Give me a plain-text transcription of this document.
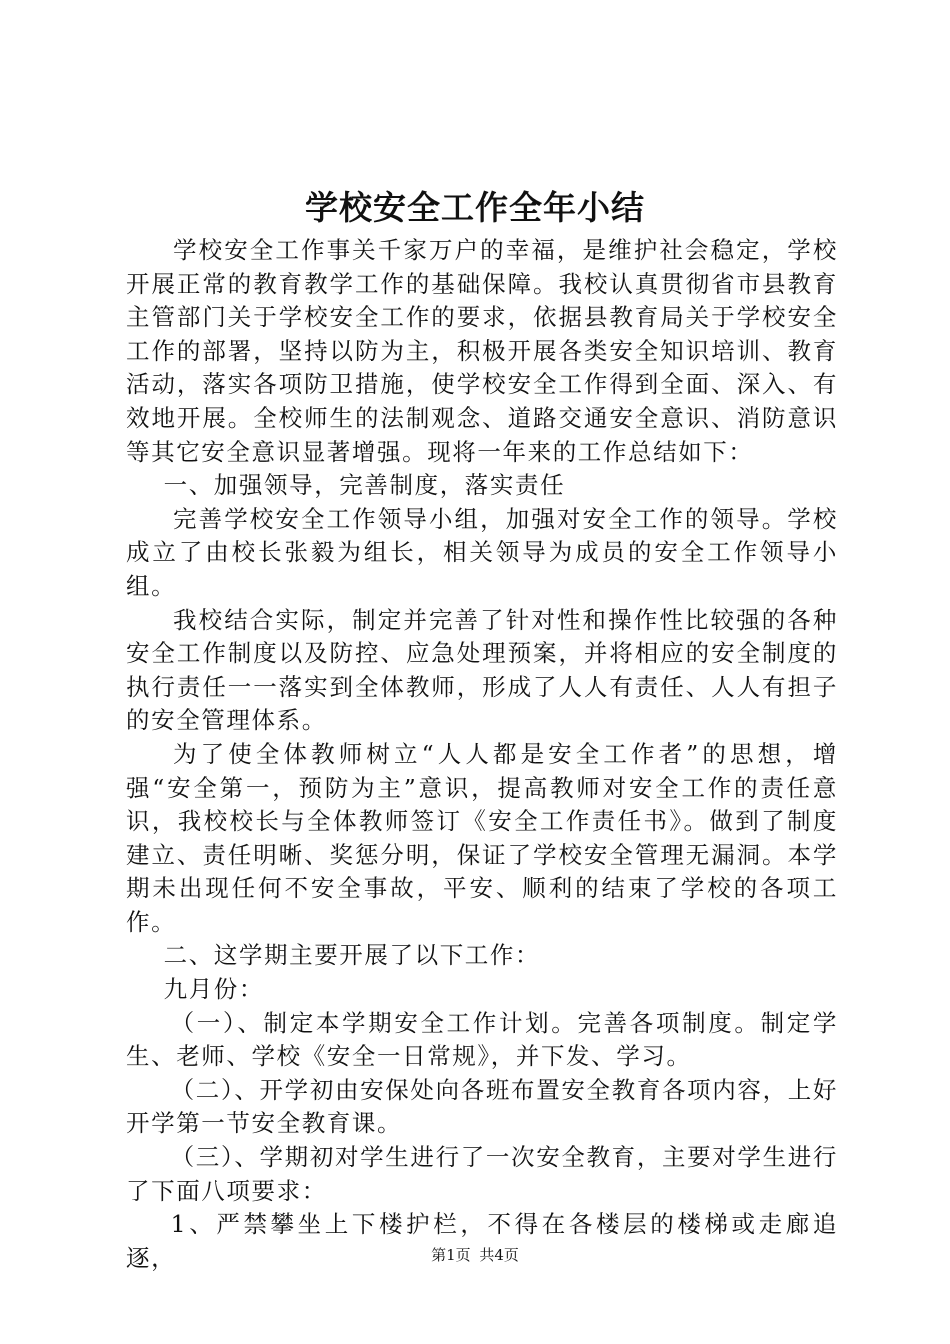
学校安全工作全年小结

学校安全工作事关千家万户的幸福，是维护社会稳定，学校开展正常的教育教学工作的基础保障。我校认真贯彻省市县教育主管部门关于学校安全工作的要求，依据县教育局关于学校安全工作的部署，坚持以防为主，积极开展各类安全知识培训、教育活动，落实各项防卫措施，使学校安全工作得到全面、深入、有效地开展。全校师生的法制观念、道路交通安全意识、消防意识等其它安全意识显著增强。现将一年来的工作总结如下：

一、加强领导，完善制度，落实责任

完善学校安全工作领导小组，加强对安全工作的领导。学校成立了由校长张毅为组长，相关领导为成员的安全工作领导小组。

我校结合实际，制定并完善了针对性和操作性比较强的各种安全工作制度以及防控、应急处理预案，并将相应的安全制度的执行责任一一落实到全体教师，形成了人人有责任、人人有担子的安全管理体系。

为了使全体教师树立“人人都是安全工作者”的思想，增强“安全第一，预防为主”意识，提高教师对安全工作的责任意识，我校校长与全体教师签订《安全工作责任书》。做到了制度建立、责任明晰、奖惩分明，保证了学校安全管理无漏洞。本学期未出现任何不安全事故，平安、顺利的结束了学校的各项工作。

二、这学期主要开展了以下工作：

九月份：

（一）、制定本学期安全工作计划。完善各项制度。制定学生、老师、学校《安全一日常规》，并下发、学习。

（二）、开学初由安保处向各班布置安全教育各项内容，上好开学第一节安全教育课。

（三）、学期初对学生进行了一次安全教育，主要对学生进行了下面八项要求：

1、严禁攀坐上下楼护栏，不得在各楼层的楼梯或走廊追逐，	第1页 共4页
